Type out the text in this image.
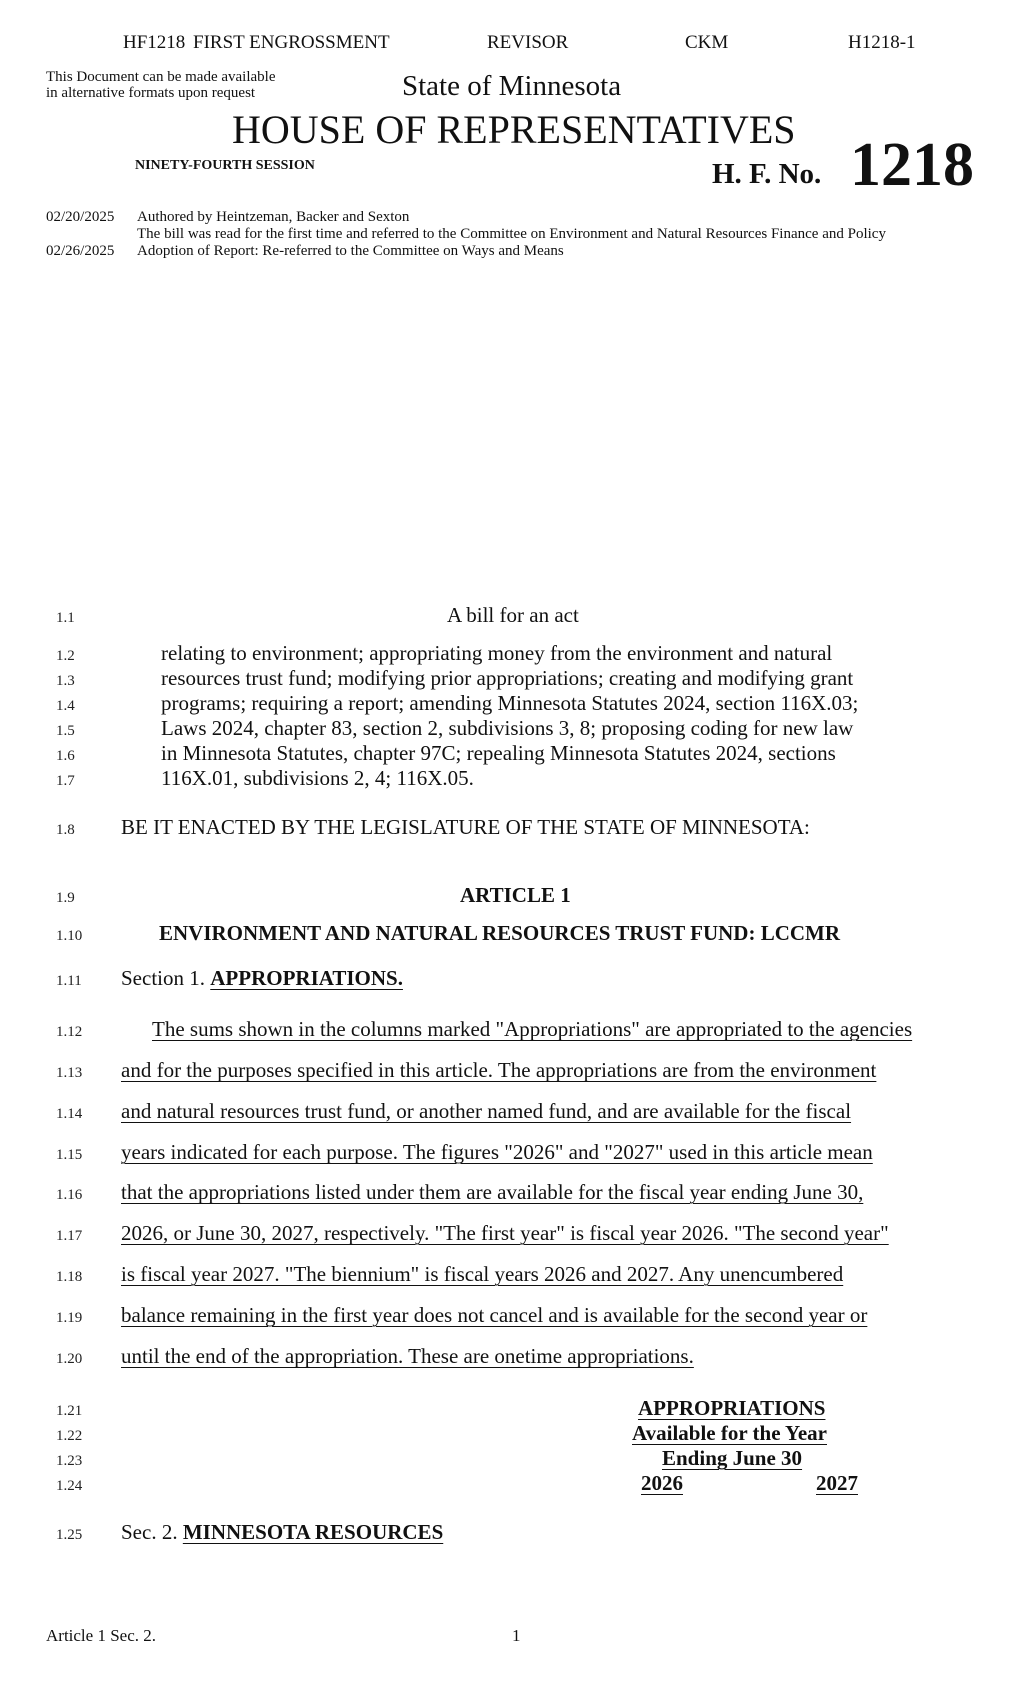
HF1218 FIRST ENGROSSMENT	REVISOR	CKM	H1218-1
This Document can be made available
in alternative formats upon request	State of Minnesota
HOUSE OF REPRESENTATIVES
NINETY-FOURTH SESSION	H. F. No. 1218
02/20/2025 Authored by Heintzeman, Backer and Sexton
The bill was read for the first time and referred to the Committee on Environment and Natural Resources Finance and Policy
02/26/2025 Adoption of Report: Re-referred to the Committee on Ways and Means
1.1
1.2
1.3
1.4
1.5
1.6
1.7
1.8
1.9
1.10
1.11
1.12
1.13
1.14
1.15
1.16
1.17
1.18
1.19
1.20
1.21
1.22
1.23
1.24
1.25
A bill for an act
relating to environment; appropriating money from the environment and natural
resources trust fund; modifying prior appropriations; creating and modifying grant
programs; requiring a report; amending Minnesota Statutes 2024, section 116X.03;
Laws 2024, chapter 83, section 2, subdivisions 3, 8; proposing coding for new law
in Minnesota Statutes, chapter 97C; repealing Minnesota Statutes 2024, sections
116X.01, subdivisions 2, 4; 116X.05.
BE IT ENACTED BY THE LEGISLATURE OF THE STATE OF MINNESOTA:
ARTICLE 1
ENVIRONMENT AND NATURAL RESOURCES TRUST FUND: LCCMR
Section 1. APPROPRIATIONS.
The sums shown in the columns marked "Appropriations" are appropriated to the agencies
and for the purposes specified in this article. The appropriations are from the environment
and natural resources trust fund, or another named fund, and are available for the fiscal
years indicated for each purpose. The figures "2026" and "2027" used in this article mean
that the appropriations listed under them are available for the fiscal year ending June 30,
2026, or June 30, 2027, respectively. "The first year" is fiscal year 2026. "The second year"
is fiscal year 2027. "The biennium" is fiscal years 2026 and 2027. Any unencumbered
balance remaining in the first year does not cancel and is available for the second year or
until the end of the appropriation. These are onetime appropriations.
APPROPRIATIONS
Available for the Year
Ending June 30
2026	2027
Sec. 2. MINNESOTA RESOURCES
Article 1 Sec. 2.	1
